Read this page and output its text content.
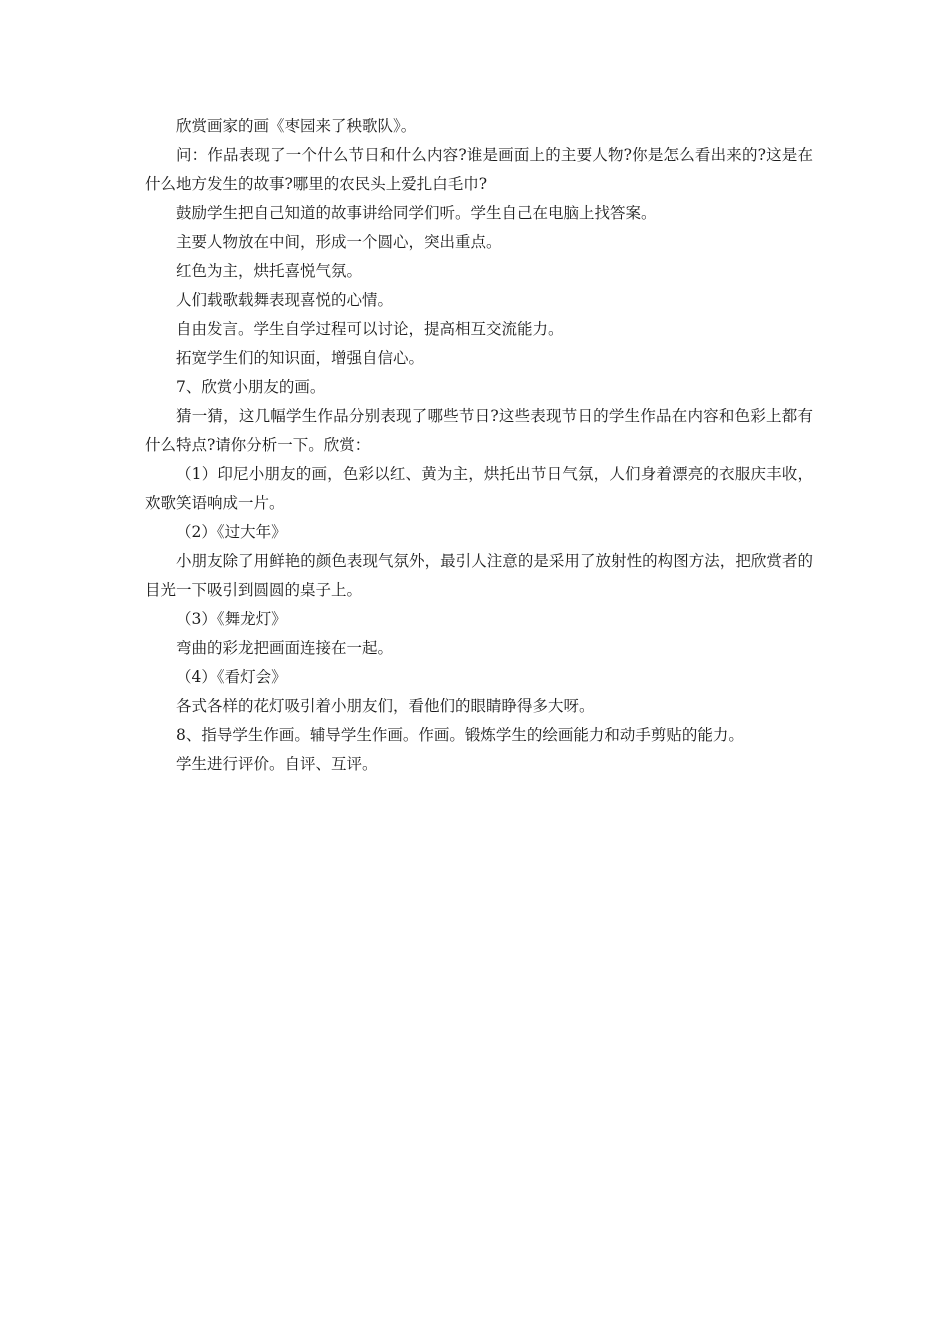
欣赏画家的画《枣园来了秧歌队》。

问：作品表现了一个什么节日和什么内容?谁是画面上的主要人物?你是怎么看出来的?这是在什么地方发生的故事?哪里的农民头上爱扎白毛巾?

鼓励学生把自己知道的故事讲给同学们听。学生自己在电脑上找答案。

主要人物放在中间，形成一个圆心，突出重点。

红色为主，烘托喜悦气氛。

人们载歌载舞表现喜悦的心情。

自由发言。学生自学过程可以讨论，提高相互交流能力。

拓宽学生们的知识面，增强自信心。

7、欣赏小朋友的画。

猜一猜，这几幅学生作品分别表现了哪些节日?这些表现节日的学生作品在内容和色彩上都有什么特点?请你分析一下。欣赏：

（1）印尼小朋友的画，色彩以红、黄为主，烘托出节日气氛，人们身着漂亮的衣服庆丰收，欢歌笑语响成一片。

（2）《过大年》

小朋友除了用鲜艳的颜色表现气氛外，最引人注意的是采用了放射性的构图方法，把欣赏者的目光一下吸引到圆圆的桌子上。

（3）《舞龙灯》

弯曲的彩龙把画面连接在一起。

（4）《看灯会》

各式各样的花灯吸引着小朋友们，看他们的眼睛睁得多大呀。

8、指导学生作画。辅导学生作画。作画。锻炼学生的绘画能力和动手剪贴的能力。

学生进行评价。自评、互评。
